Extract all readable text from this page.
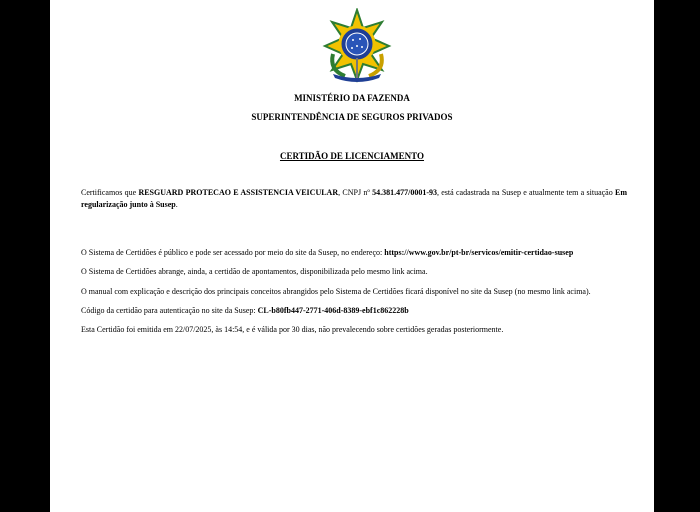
MINISTÉRIO DA FAZENDA
SUPERINTENDÊNCIA DE SEGUROS PRIVADOS
CERTIDÃO DE LICENCIAMENTO
Certificamos que RESGUARD PROTECAO E ASSISTENCIA VEICULAR, CNPJ nº 54.381.477/0001-93, está cadastrada na Susep e atualmente tem a situação Em regularização junto à Susep.
O Sistema de Certidões é público e pode ser acessado por meio do site da Susep, no endereço: https://www.gov.br/pt-br/servicos/emitir-certidao-susep
O Sistema de Certidões abrange, ainda, a certidão de apontamentos, disponibilizada pelo mesmo link acima.
O manual com explicação e descrição dos principais conceitos abrangidos pelo Sistema de Certidões ficará disponível no site da Susep (no mesmo link acima).
Código da certidão para autenticação no site da Susep: CL-b80fb447-2771-406d-8389-ebf1c862228b
Esta Certidão foi emitida em 22/07/2025, às 14:54, e é válida por 30 dias, não prevalecendo sobre certidões geradas posteriormente.
